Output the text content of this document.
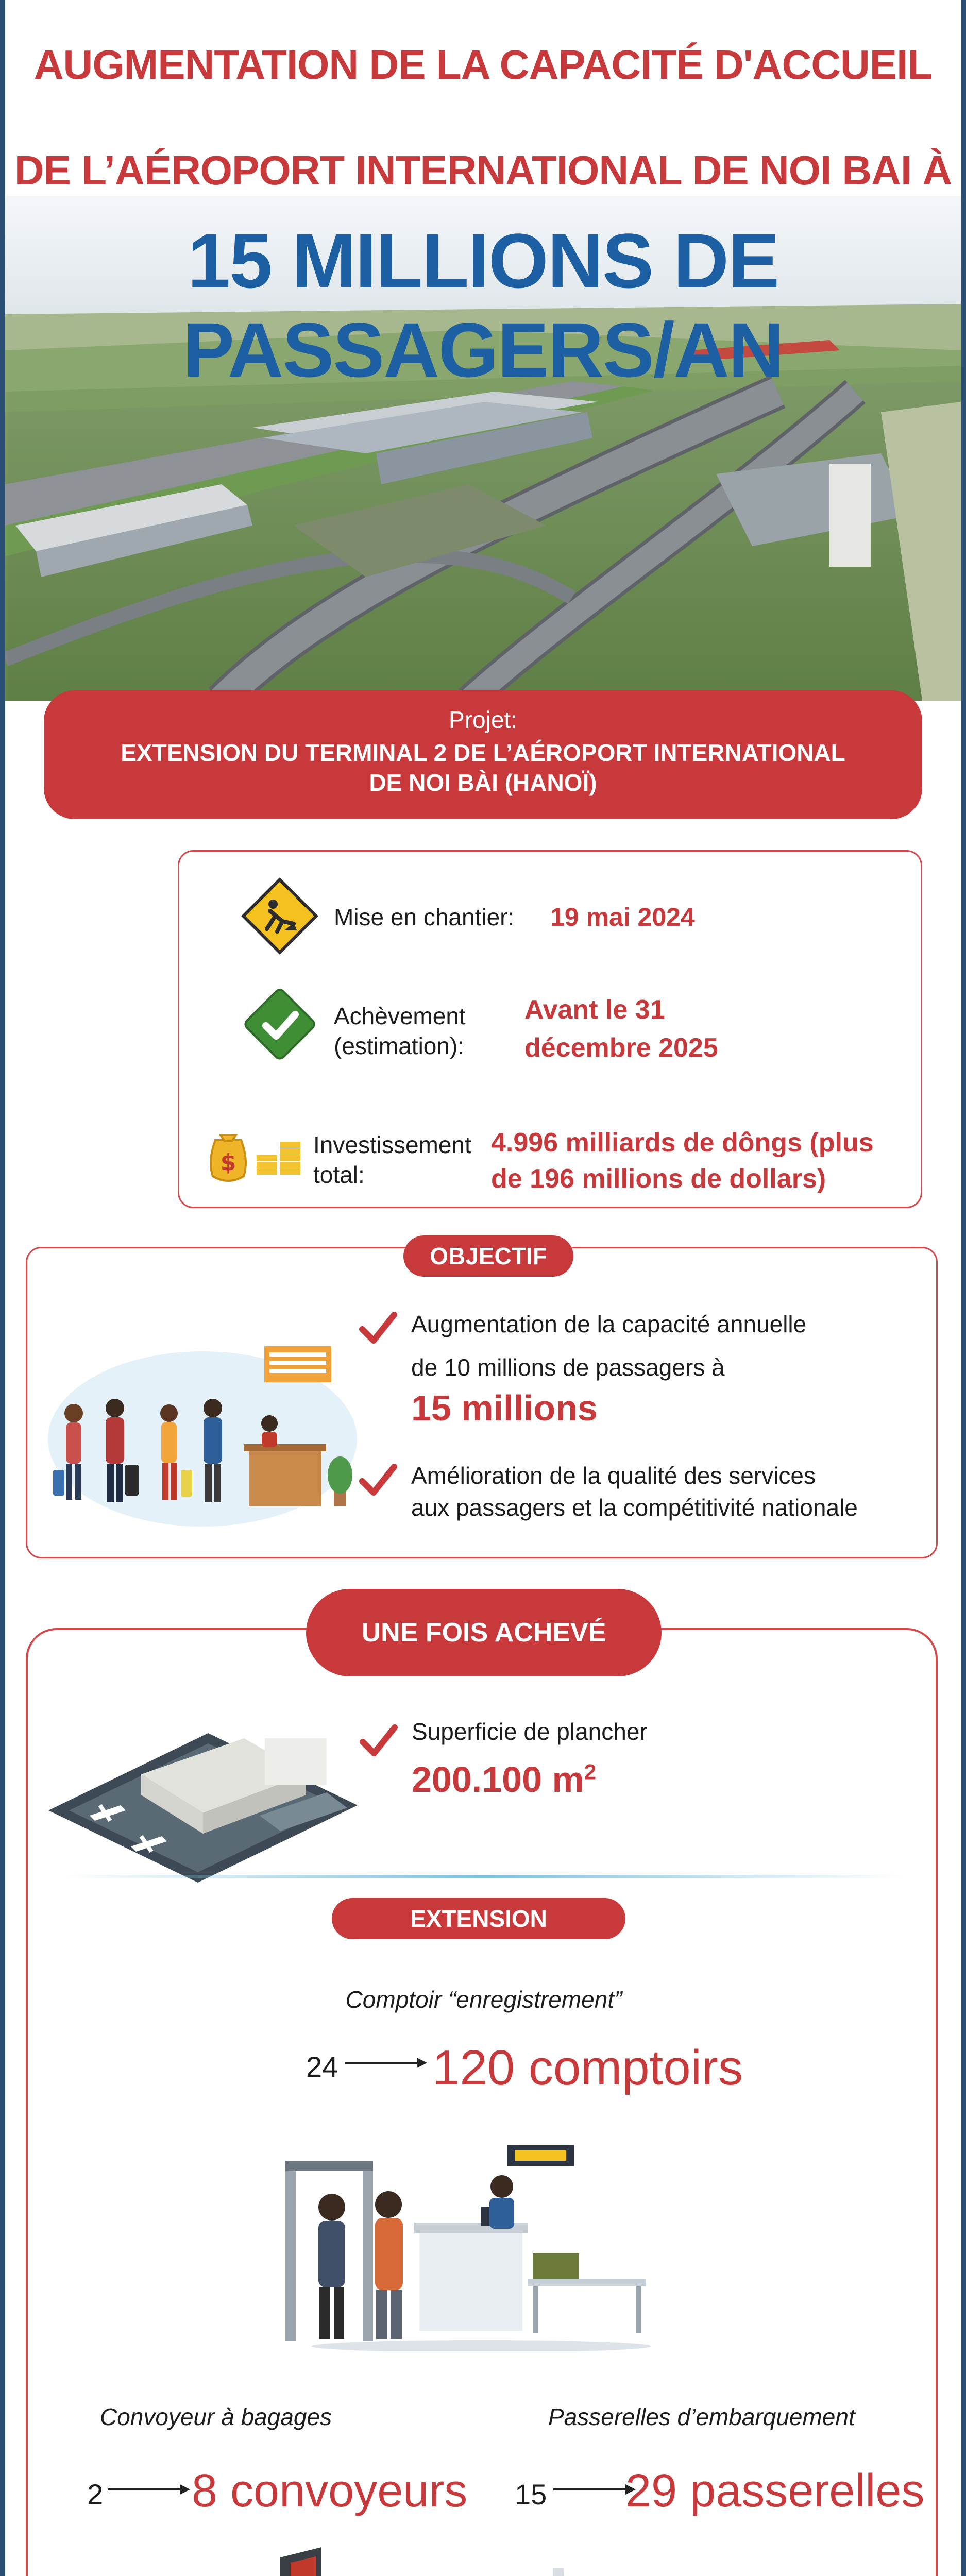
AUGMENTATION DE LA CAPACITÉ D'ACCUEIL
DE L’AÉROPORT INTERNATIONAL DE NOI BAI À
15 MILLIONS DE PASSAGERS/AN
Projet:
EXTENSION DU TERMINAL 2 DE L’AÉROPORT INTERNATIONAL
DE NOI BÀI (HANOÏ)
Mise en chantier: 19 mai 2024
Achèvement
(estimation):
Avant le 31
décembre 2025
$
Investissement
total:
4.996 milliards de dôngs (plus
de 196 millions de dollars)
OBJECTIF
Augmentation de la capacité annuelle
de 10 millions de passagers à
15 millions
Amélioration de la qualité des services
aux passagers et la compétitivité nationale
UNE FOIS ACHEVÉ
Superficie de plancher
200.100 $m^2$
EXTENSION
Comptoir “enregistrement”
24 120 comptoirs
Convoyeur à bagages	Passerelles d’embarquement
2 8 convoyeurs 15 29 passerelles
